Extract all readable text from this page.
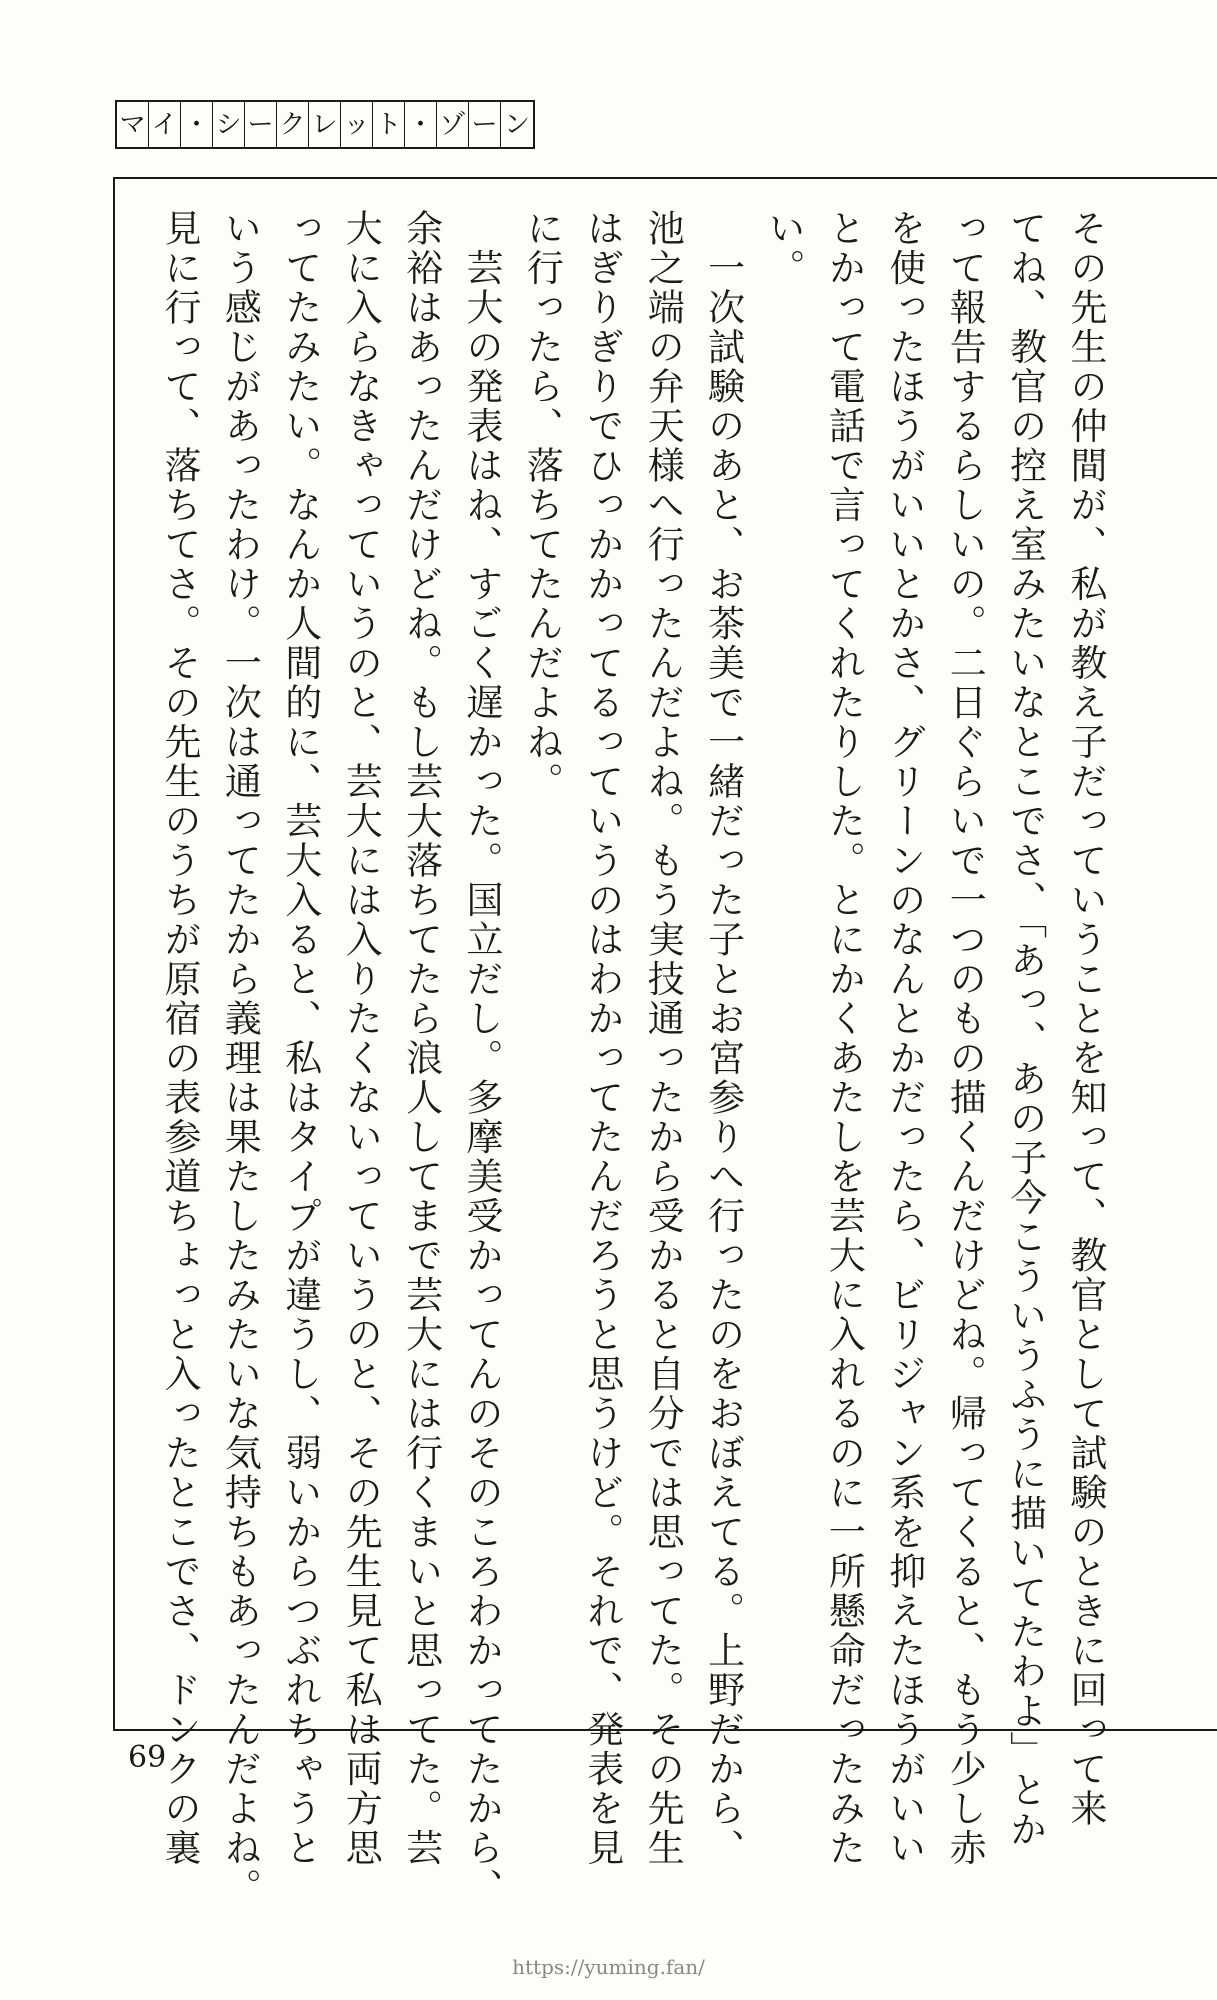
マ イ ・ シ ー ク レ ッ ト ・ ゾ ー ン
その先生の仲間が、私が教え子だっていうことを知って、教官として試験のときに回って来
てね、教官の控え室みたいなとこでさ、「あっ、あの子今こういうふうに描いてたわよ」とか
って報告するらしいの。二日ぐらいで一つのもの描くんだけどね。帰ってくると、もう少し赤
を使ったほうがいいとかさ、グリーンのなんとかだったら、ビリジャン系を抑えたほうがいい
とかって電話で言ってくれたりした。とにかくあたしを芸大に入れるのに一所懸命だったみた
い。
　一次試験のあと、お茶美で一緒だった子とお宮参りへ行ったのをおぼえてる。上野だから、
池之端の弁天様へ行ったんだよね。もう実技通ったから受かると自分では思ってた。その先生
はぎりぎりでひっかかってるっていうのはわかってたんだろうと思うけど。それで、発表を見
に行ったら、落ちてたんだよね。
　芸大の発表はね、すごく遅かった。国立だし。多摩美受かってんのそのころわかってたから、
余裕はあったんだけどね。もし芸大落ちてたら浪人してまで芸大には行くまいと思ってた。芸
大に入らなきゃっていうのと、芸大には入りたくないっていうのと、その先生見て私は両方思
ってたみたい。なんか人間的に、芸大入ると、私はタイプが違うし、弱いからつぶれちゃうと
いう感じがあったわけ。一次は通ってたから義理は果たしたみたいな気持ちもあったんだよね。
見に行って、落ちてさ。その先生のうちが原宿の表参道ちょっと入ったとこでさ、ドンクの裏
69
https://yuming.fan/
